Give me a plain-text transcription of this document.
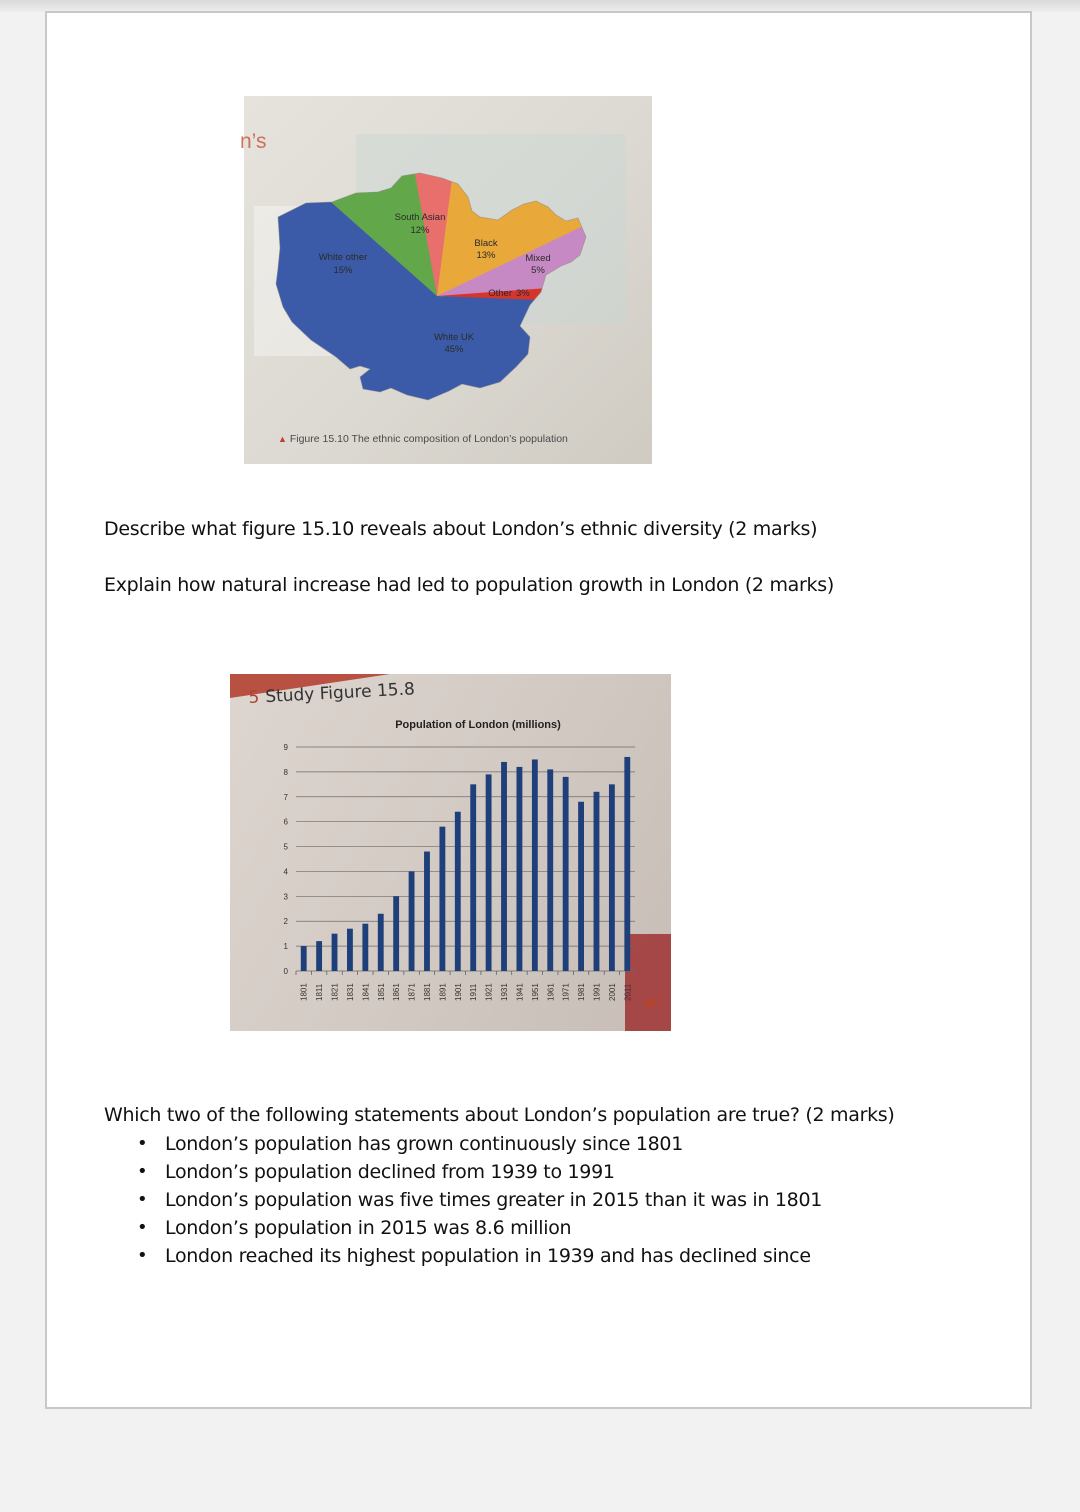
n’s
South Asian
12%
Black
13%	Mixed
5%
Other 3%
White UK
45%
White other
15%
▲ Figure 15.10 The ethnic composition of London’s population
Describe what figure 15.10 reveals about London’s ethnic diversity (2 marks)
Explain how natural increase had led to population growth in London (2 marks)
Population of London (millions)
0
1
2
3
4
5
6
7
8
9
1801 1811 1821 1831 1841 1851 1861 1871 1881 1891 1901 1911 1921 1931 1941 1951 1961 1971 1981 1991 2001 2011
◀F
5 Study Figure 15.8
Which two of the following statements about London’s population are true? (2 marks)
• London’s population has grown continuously since 1801
• London’s population declined from 1939 to 1991
• London’s population was five times greater in 2015 than it was in 1801
• London’s population in 2015 was 8.6 million
• London reached its highest population in 1939 and has declined since
